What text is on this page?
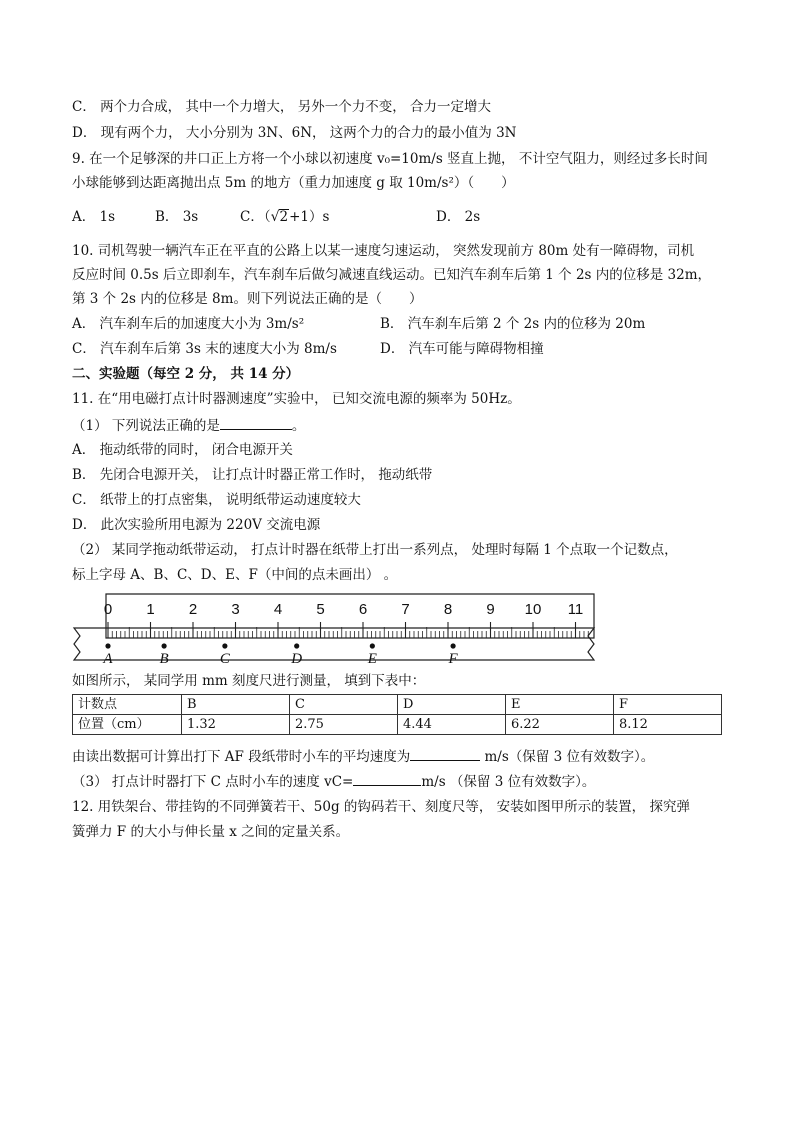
C． 两个力合成， 其中一个力增大， 另外一个力不变， 合力一定增大
D． 现有两个力， 大小分别为 3N、6N， 这两个力的合力的最小值为 3N
9. 在一个足够深的井口正上方将一个小球以初速度 v₀=10m/s 竖直上抛， 不计空气阻力，则经过多长时间
小球能够到达距离抛出点 5m 的地方（重力加速度 g 取 10m/s²）（　　）
A． 1s	B． 3s	C．（√2+1）s	D． 2s
10. 司机驾驶一辆汽车正在平直的公路上以某一速度匀速运动， 突然发现前方 80m 处有一障碍物，司机
反应时间 0.5s 后立即刹车，汽车刹车后做匀减速直线运动。已知汽车刹车后第 1 个 2s 内的位移是 32m，
第 3 个 2s 内的位移是 8m。则下列说法正确的是（　　）
A． 汽车刹车后的加速度大小为 3m/s²	B． 汽车刹车后第 2 个 2s 内的位移为 20m
C． 汽车刹车后第 3s 末的速度大小为 8m/s	D． 汽车可能与障碍物相撞
二、实验题（每空 2 分， 共 14 分）
11. 在“用电磁打点计时器测速度”实验中， 已知交流电源的频率为 50Hz。
（1） 下列说法正确的是	。
A． 拖动纸带的同时， 闭合电源开关
B． 先闭合电源开关， 让打点计时器正常工作时， 拖动纸带
C． 纸带上的打点密集， 说明纸带运动速度较大
D． 此次实验所用电源为 220V 交流电源
（2） 某同学拖动纸带运动， 打点计时器在纸带上打出一系列点， 处理时每隔 1 个点取一个记数点，
标上字母 A、B、C、D、E、F（中间的点未画出） 。
0 1 2 3 4 5 6 7 8 9 10 11
A	B	C	D	E	F
如图所示， 某同学用 mm 刻度尺进行测量， 填到下表中：
计数点	B	C	D	E	F
位置（cm）	1.32	2.75	4.44	6.22	8.12
由读出数据可计算出打下 AF 段纸带时小车的平均速度为	m/s（保留 3 位有效数字）。
（3） 打点计时器打下 C 点时小车的速度 vC=	m/s （保留 3 位有效数字）。
12. 用铁架台、带挂钩的不同弹簧若干、50g 的钩码若干、刻度尺等， 安装如图甲所示的装置， 探究弹
簧弹力 F 的大小与伸长量 x 之间的定量关系。
